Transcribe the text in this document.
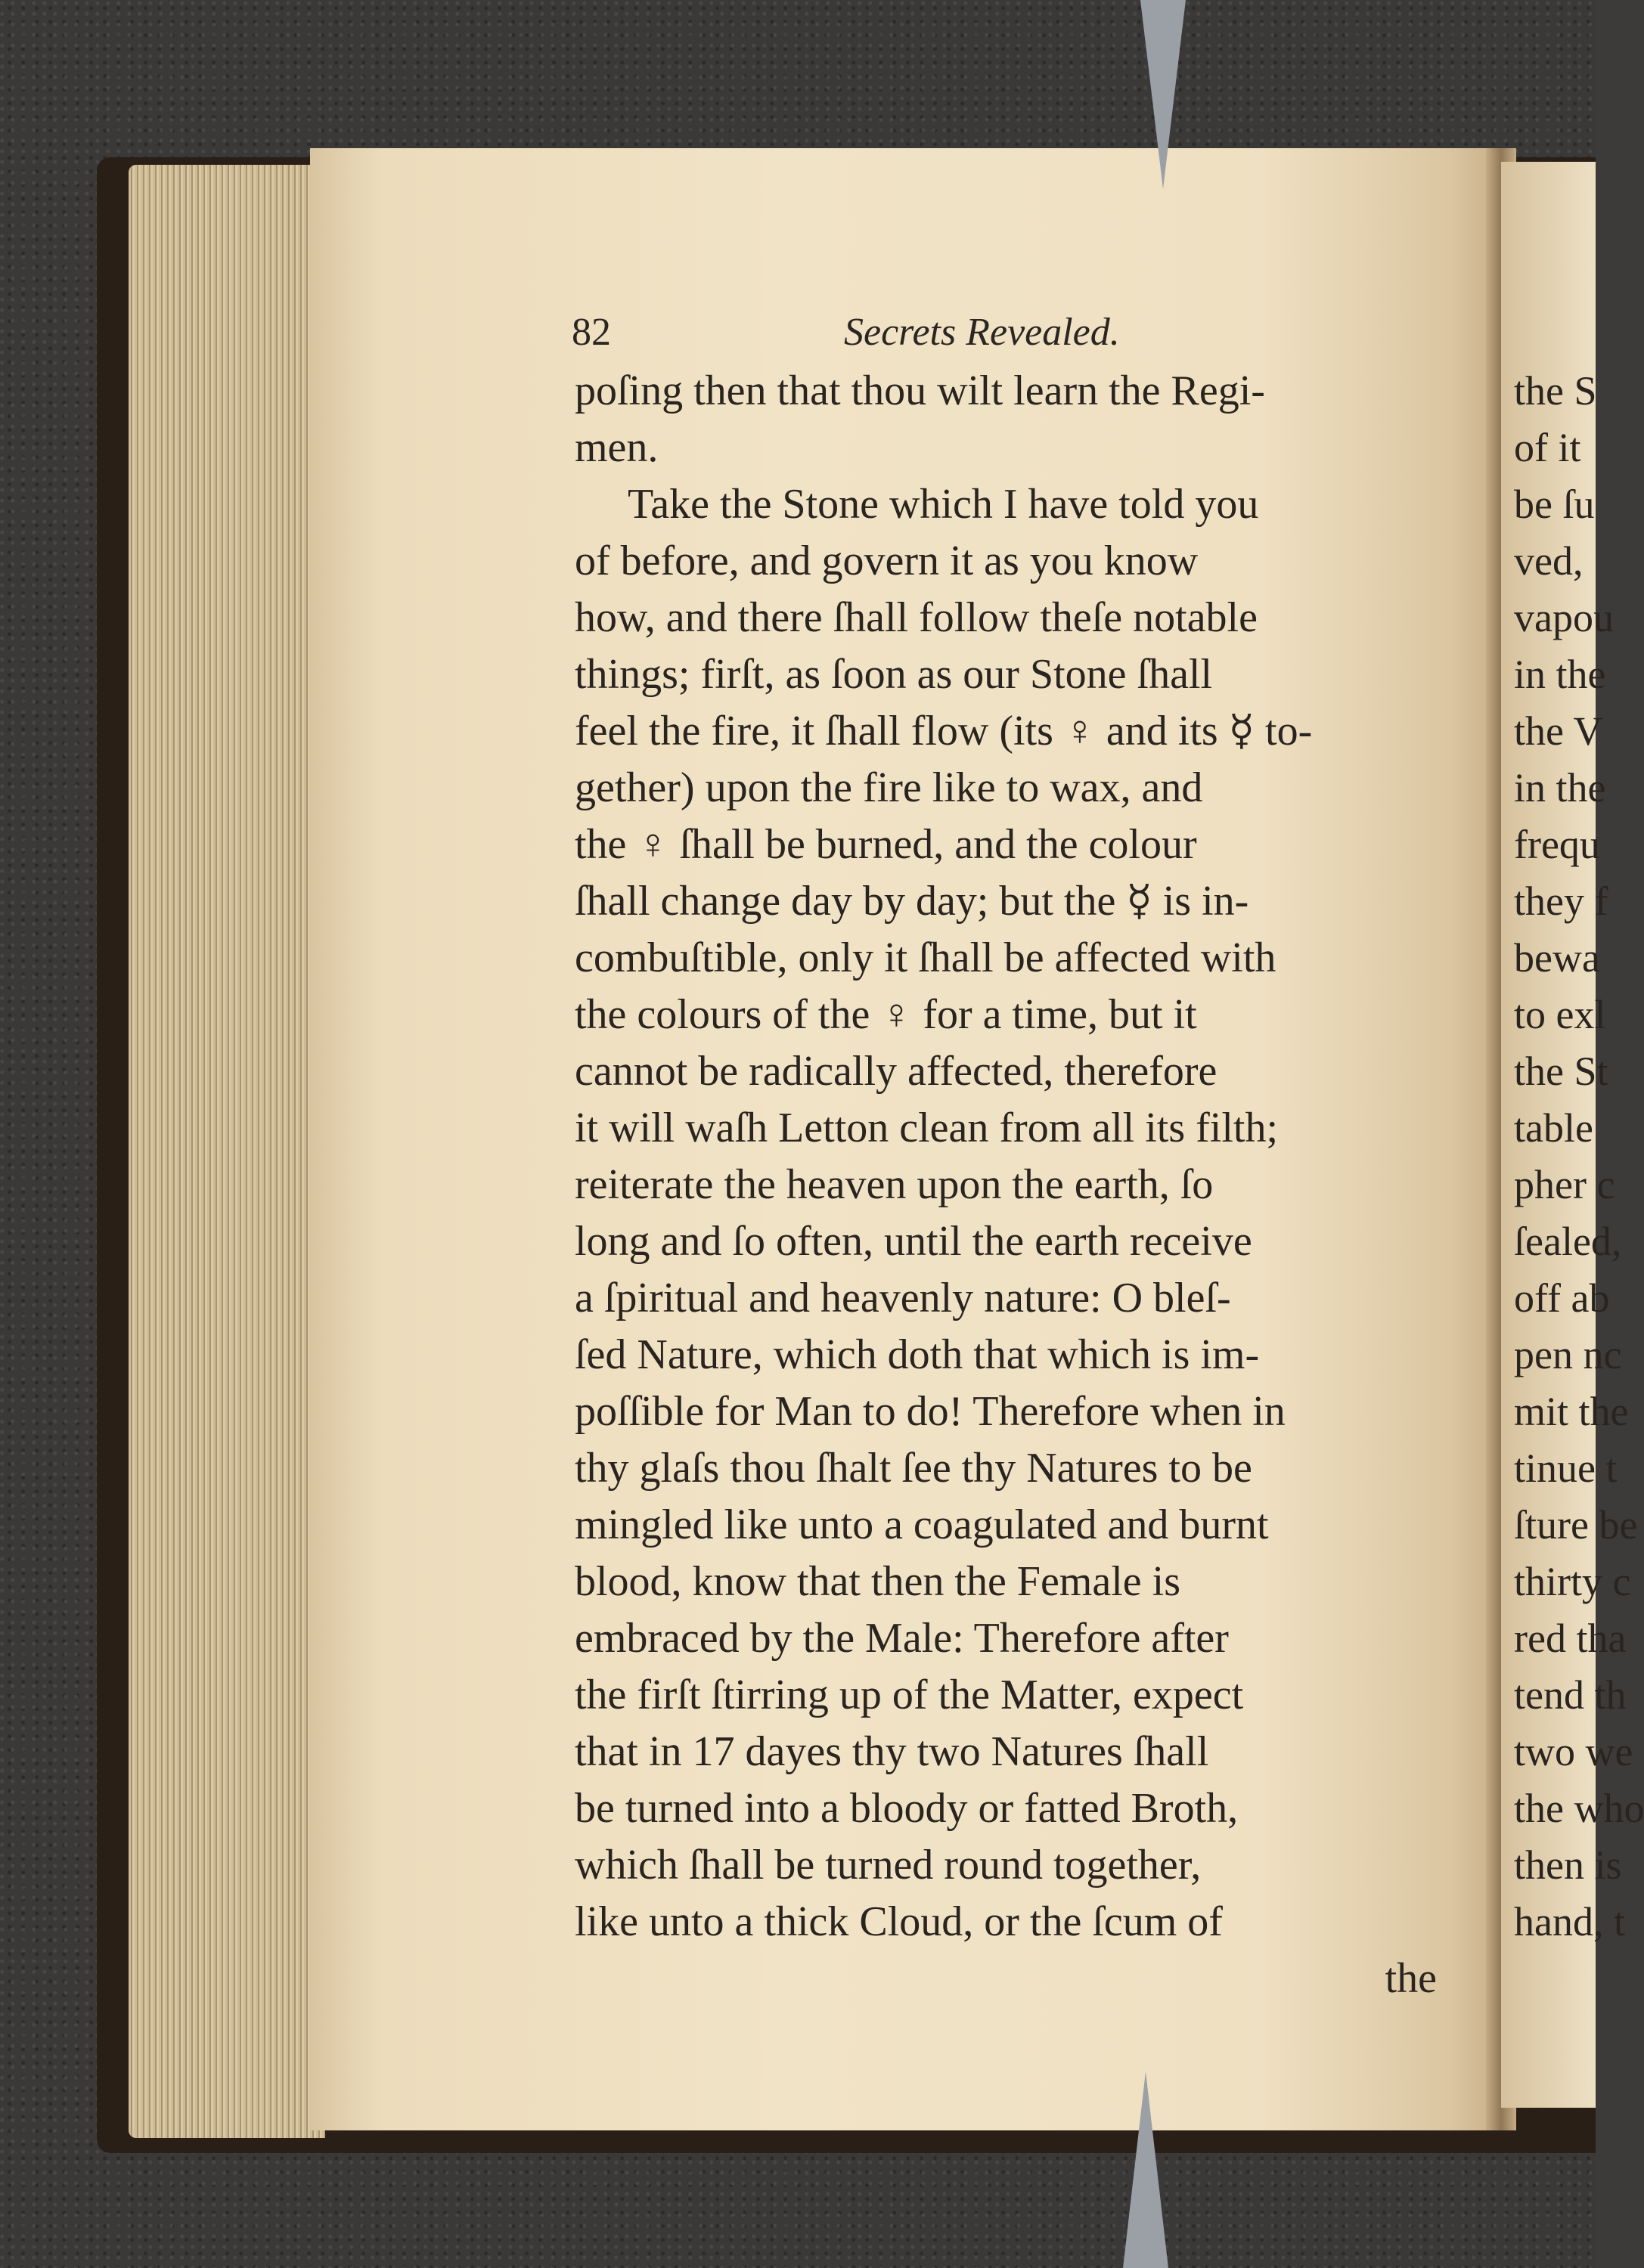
82	Secrets Revealed.
poſing then that thou wilt learn the Regi-
men.
Take the Stone which I have told you
of before, and govern it as you know
how, and there ſhall follow theſe notable
things; firſt, as ſoon as our Stone ſhall
feel the fire, it ſhall flow (its ♀ and its ☿ to-
gether) upon the fire like to wax, and
the ♀ ſhall be burned, and the colour
ſhall change day by day; but the ☿ is in-
combuſtible, only it ſhall be affected with
the colours of the ♀ for a time, but it
cannot be radically affected, therefore
it will waſh Letton clean from all its filth;
reiterate the heaven upon the earth, ſo
long and ſo often, until the earth receive
a ſpiritual and heavenly nature: O bleſ-
ſed Nature, which doth that which is im-
poſſible for Man to do! Therefore when in
thy glaſs thou ſhalt ſee thy Natures to be
mingled like unto a coagulated and burnt
blood, know that then the Female is
embraced by the Male: Therefore after
the firſt ſtirring up of the Matter, expect
that in 17 dayes thy two Natures ſhall
be turned into a bloody or fatted Broth,
which ſhall be turned round together,
like unto a thick Cloud, or the ſcum of
the
the S
of it
be ſu
ved,
vapou
in the
the V
in the
frequ
they f
bewa
to exl
the St
table
pher c
ſealed,
off ab
pen nc
mit the
tinue t
ſture be
thirty c
red tha
tend th
two we
the who
then is
hand, t
